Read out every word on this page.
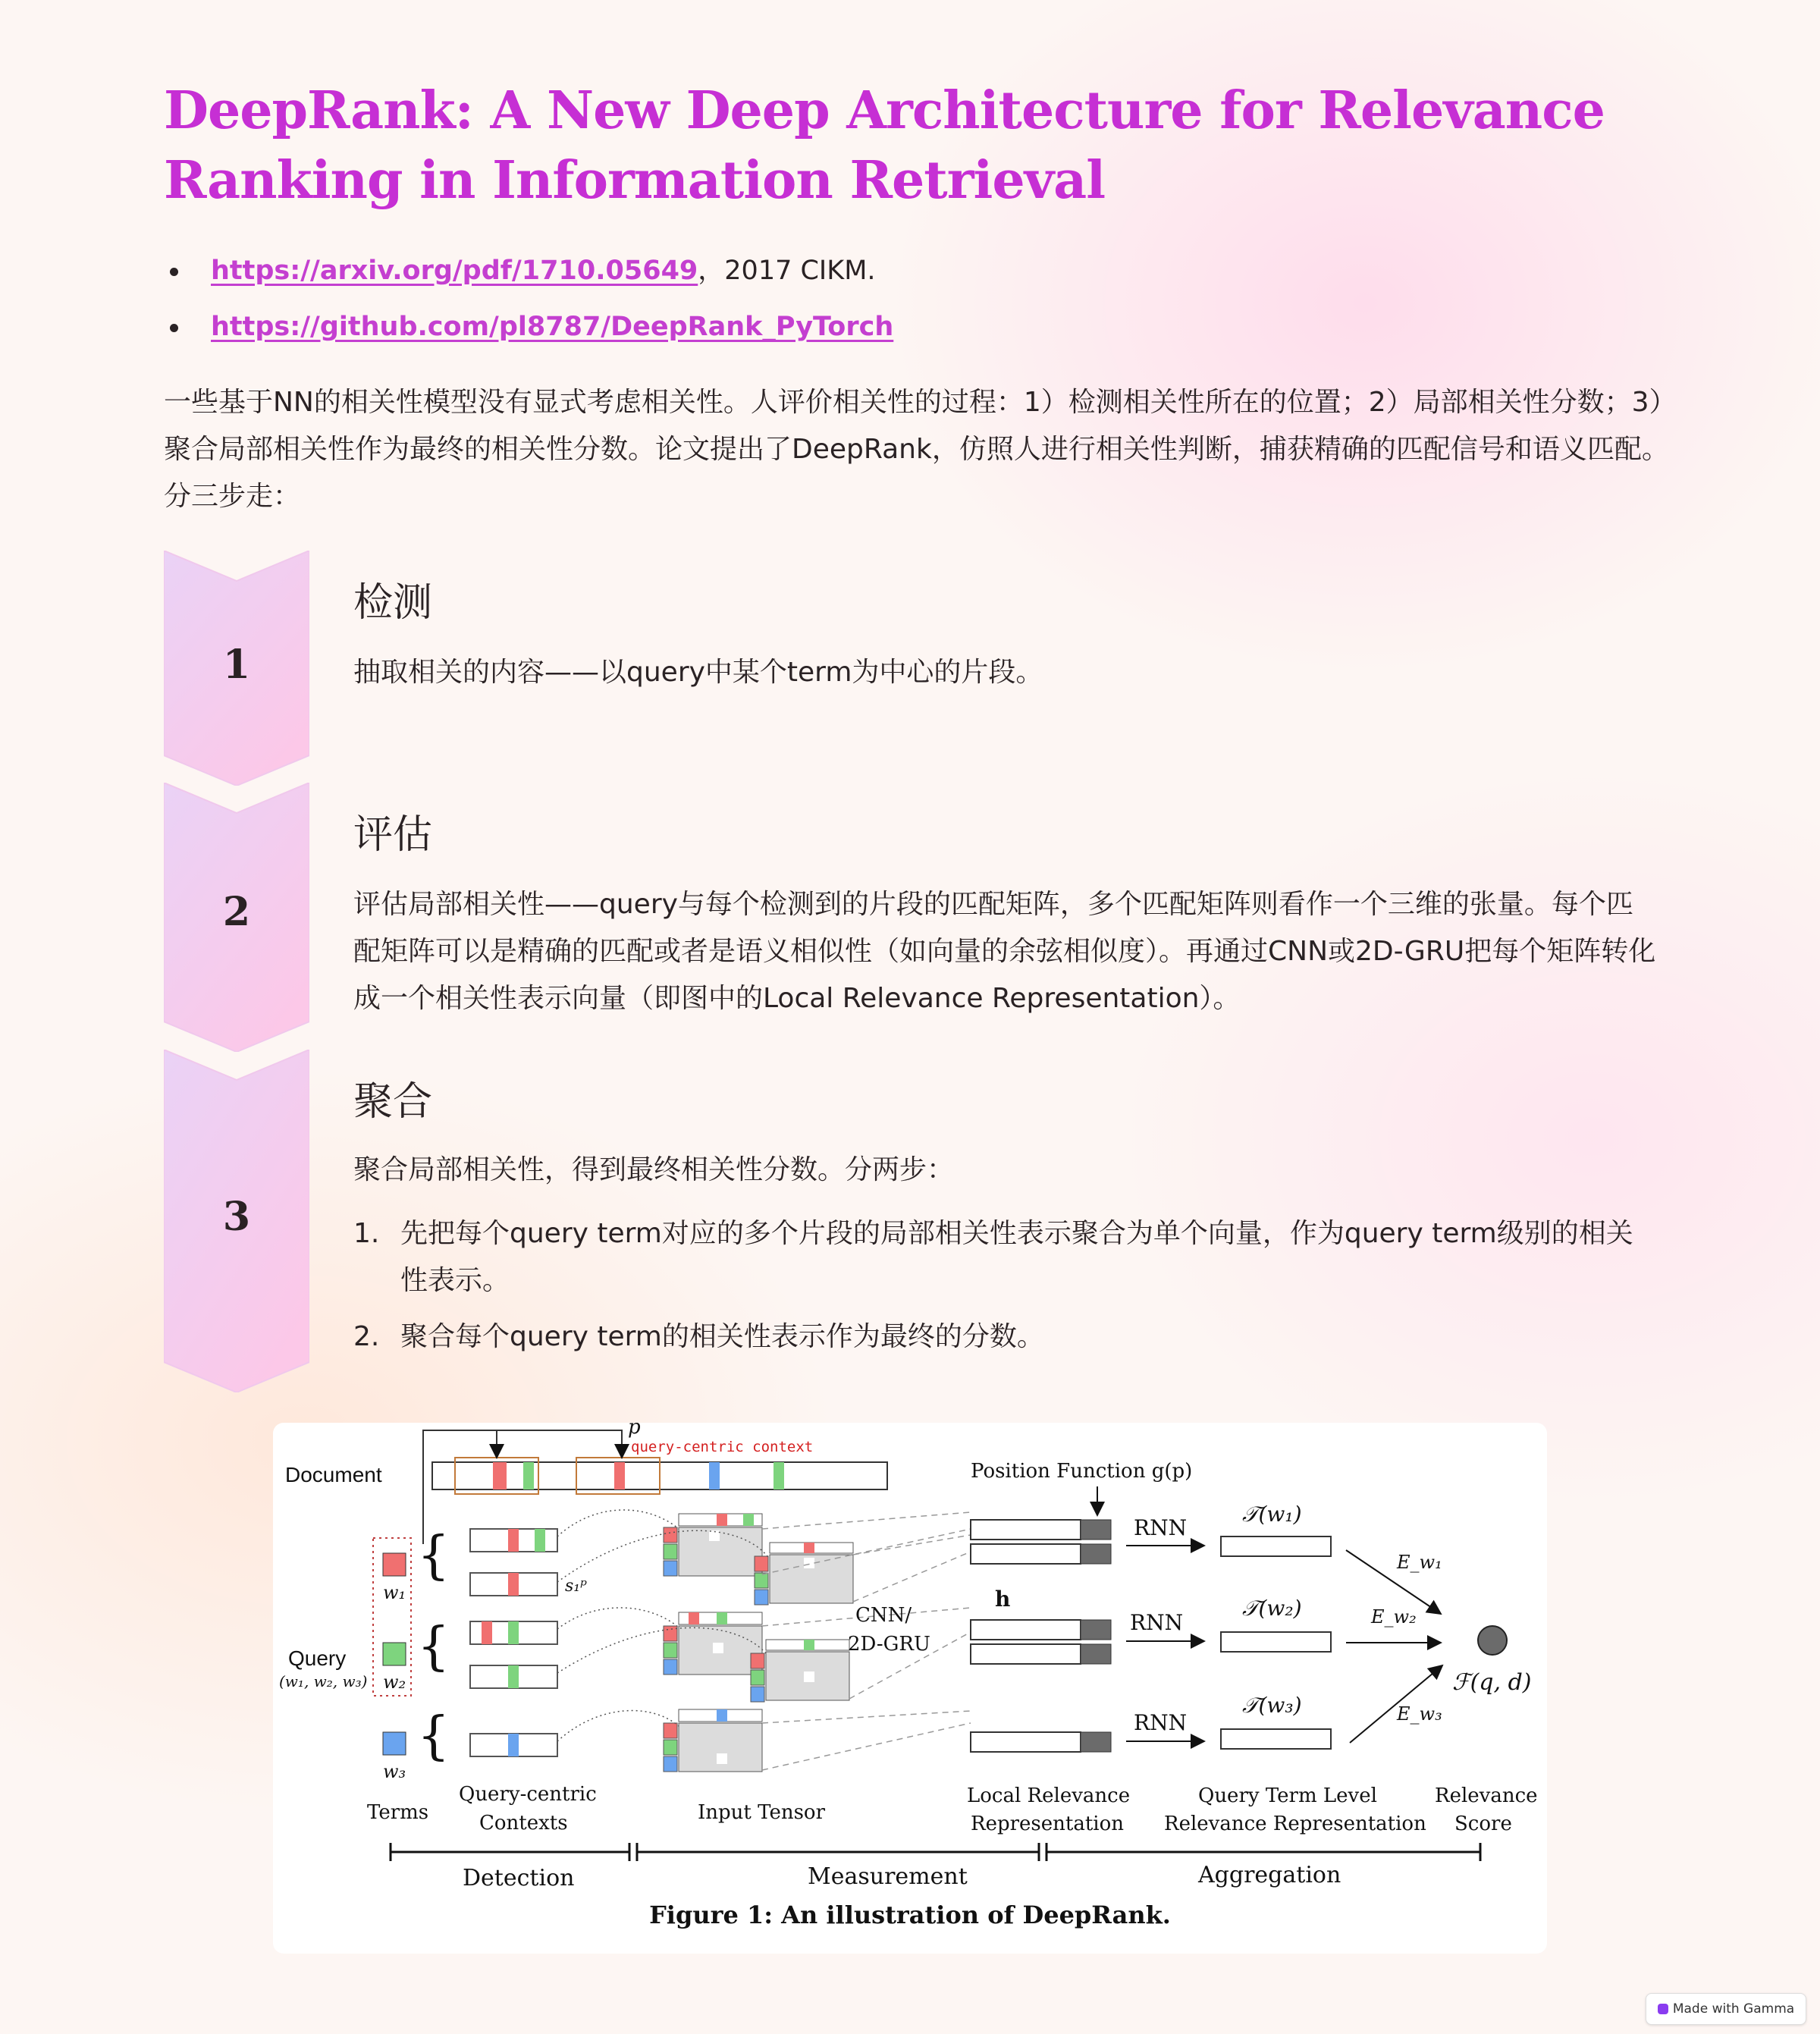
DeepRank: A New Deep Architecture for Relevance Ranking in Information Retrieval
https://arxiv.org/pdf/1710.05649，2017 CIKM.
https://github.com/pl8787/DeepRank_PyTorch

一些基于NN的相关性模型没有显式考虑相关性。人评价相关性的过程：1）检测相关性所在的位置；2）局部相关性分数；3）聚合局部相关性作为最终的相关性分数。论文提出了DeepRank，仿照人进行相关性判断，捕获精确的匹配信号和语义匹配。分三步走：

1
检测

抽取相关的内容——以query中某个term为中心的片段。

2
评估

评估局部相关性——query与每个检测到的片段的匹配矩阵，多个匹配矩阵则看作一个三维的张量。每个匹配矩阵可以是精确的匹配或者是语义相似性（如向量的余弦相似度）。再通过CNN或2D-GRU把每个矩阵转化成一个相关性表示向量（即图中的Local Relevance Representation）。

3
聚合

聚合局部相关性，得到最终相关性分数。分两步：

1. 先把每个query term对应的多个片段的局部相关性表示聚合为单个向量，作为query term级别的相关性表示。
2. 聚合每个query term的相关性表示作为最终的分数。
Document
p
query-centric context
Query
(w₁, w₂, w₃)
w₁
w₂
w₃
{
{
{
s₁ᵖ
CNN/
2D-GRU
h
Position Function g(p)
RNN
RNN
RNN
𝒯(w₁)
𝒯(w₂)
𝒯(w₃)
E_w₁
E_w₂
E_w₃
ℱ(q, d)
Terms
Query-centric
Contexts	Input Tensor
Local Relevance
Representation
Query Term Level
Relevance Representation
Relevance
Score
Detection	Measurement	Aggregation
Figure 1: An illustration of DeepRank.
Made with Gamma
